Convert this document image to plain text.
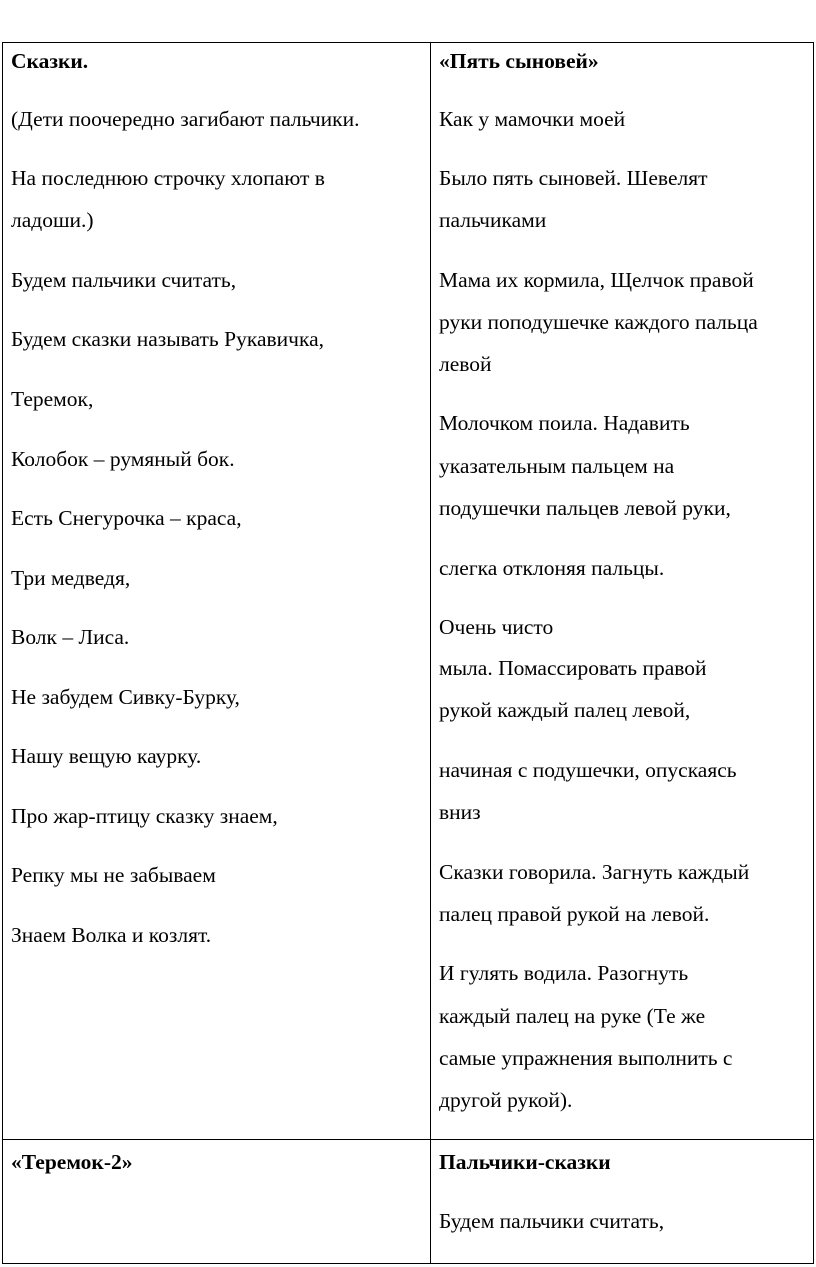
Сказки.

(Дети поочередно загибают пальчики.

На последнюю строчку хлопают в

ладоши.)

Будем пальчики считать,

Будем сказки называть Рукавичка,

Теремок,

Колобок – румяный бок.

Есть Снегурочка – краса,

Три медведя,

Волк – Лиса.

Не забудем Сивку-Бурку,

Нашу вещую каурку.

Про жар-птицу сказку знаем,

Репку мы не забываем

Знаем Волка и козлят.

«Пять сыновей»

Как у мамочки моей

Было пять сыновей. Шевелят

пальчиками

Мама их кормила, Щелчок правой

руки поподушечке каждого пальца

левой

Молочком поила. Надавить

указательным пальцем на

подушечки пальцев левой руки,

слегка отклоняя пальцы.

Очень чисто

мыла. Помассировать правой

рукой каждый палец левой,

начиная с подушечки, опускаясь

вниз

Сказки говорила. Загнуть каждый

палец правой рукой на левой.

И гулять водила. Разогнуть

каждый палец на руке (Те же

самые упражнения выполнить с

другой рукой).

«Теремок-2»	Пальчики-сказки

Будем пальчики считать,
